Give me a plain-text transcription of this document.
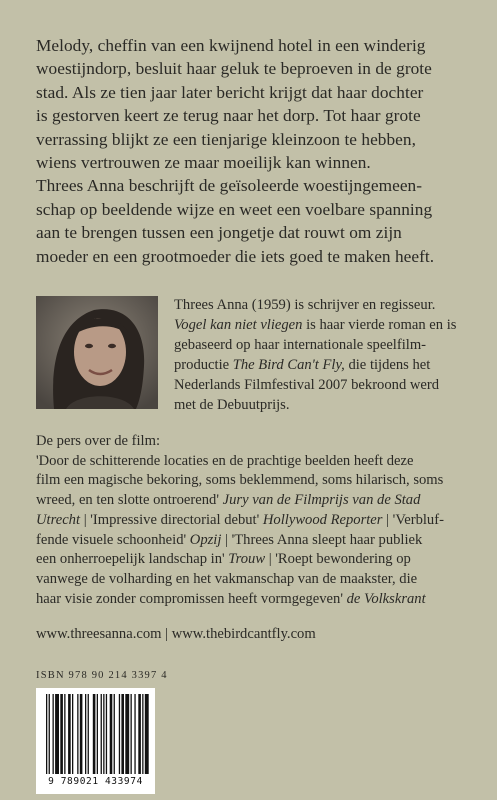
Melody, cheffin van een kwijnend hotel in een winderig
woestijndorp, besluit haar geluk te beproeven in de grote
stad. Als ze tien jaar later bericht krijgt dat haar dochter
is gestorven keert ze terug naar het dorp. Tot haar grote
verrassing blijkt ze een tienjarige kleinzoon te hebben,
wiens vertrouwen ze maar moeilijk kan winnen.

Threes Anna beschrijft de geïsoleerde woestijngemeen-
schap op beeldende wijze en weet een voelbare spanning
aan te brengen tussen een jongetje dat rouwt om zijn
moeder en een grootmoeder die iets goed te maken heeft.

Threes Anna (1959) is schrijver en regisseur.
Vogel kan niet vliegen is haar vierde roman en is
gebaseerd op haar internationale speelfilm-
productie The Bird Can't Fly, die tijdens het
Nederlands Filmfestival 2007 bekroond werd
met de Debuutprijs.

De pers over de film:
'Door de schitterende locaties en de prachtige beelden heeft deze
film een magische bekoring, soms beklemmend, soms hilarisch, soms
wreed, en ten slotte ontroerend' Jury van de Filmprijs van de Stad
Utrecht | 'Impressive directorial debut' Hollywood Reporter | 'Verbluf-
fende visuele schoonheid' Opzij | 'Threes Anna sleept haar publiek
een onherroepelijk landschap in' Trouw | 'Roept bewondering op
vanwege de volharding en het vakmanschap van de maakster, die
haar visie zonder compromissen heeft vormgegeven' de Volkskrant

www.threesanna.com | www.thebirdcantfly.com
ISBN 978 90 214 3397 4
9 789021 433974
